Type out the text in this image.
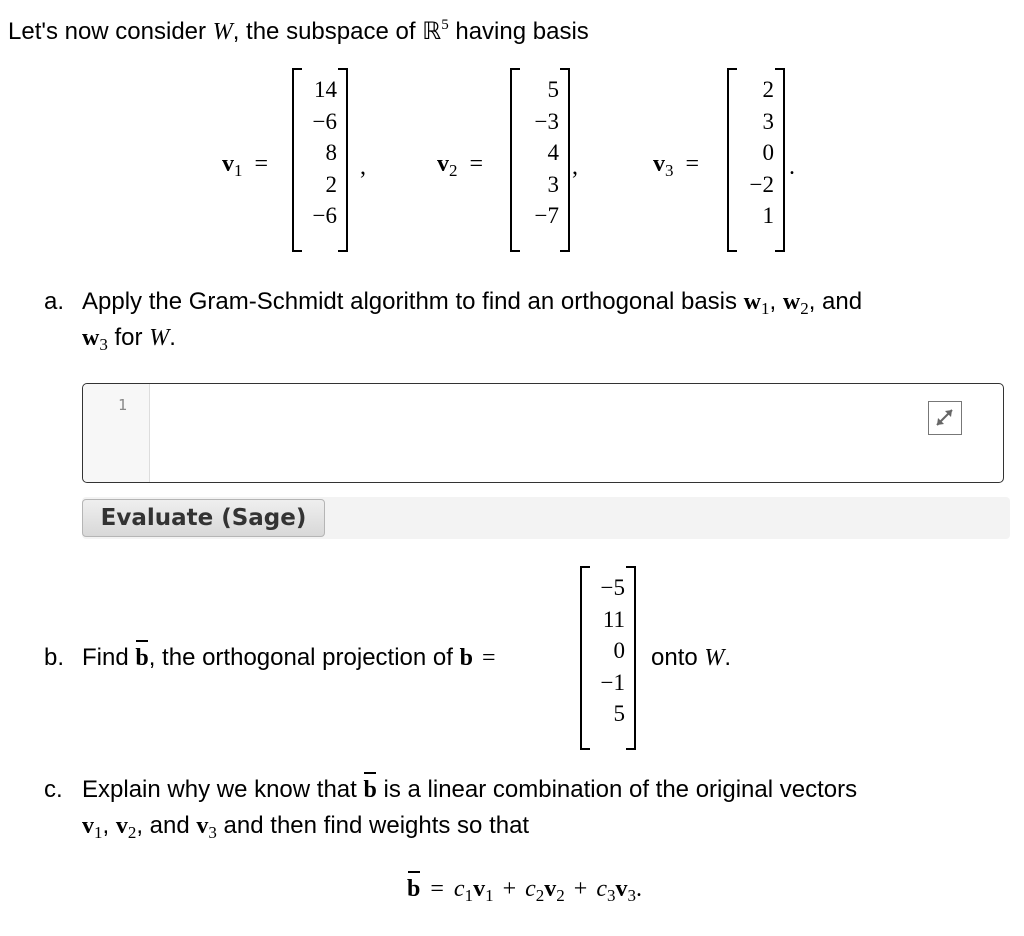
Let's now consider W, the subspace of ℝ$^5$ having basis
$v_1$ =
14
−6
8
2
−6
,	$v_2$ =
5
−3
4
3
−7
,	$v_3$ =
2
3
0
−2
1
.
a. Apply the Gram-Schmidt algorithm to find an orthogonal basis $w_1$, $w_2$, and
$w_3$ for W.
1
Evaluate (Sage)
b. Find b, the orthogonal projection of b =
−5
11
0
−1
5
onto W.
c. Explain why we know that b is a linear combination of the original vectors
$v_1$, $v_2$, and $v_3$ and then find weights so that
$b = c_1v_1 + c_2v_2 + c_3v_3$.
